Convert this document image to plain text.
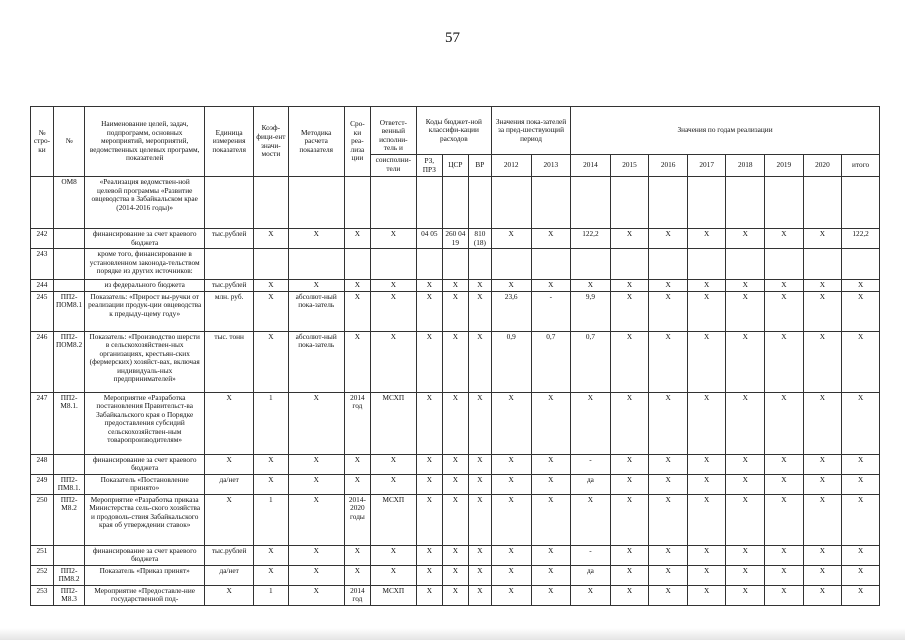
57
№ стро-ки	№	Наименование целей, задач, подпрограмм, основных мероприятий, мероприятий, ведомственных целевых программ, показателей	Единица измерения показателя	Коэф-фици-ент значи-мости	Методика расчета показателя	Сро-ки реа-лиза ции	Ответст-венный исполни-тель и	Коды бюджет-ной классифи-кации расходов			Значения пока-зателей за пред-шествующий период		Значения по годам реализации							
							соисполни-тели	РЗ, ПРЗ	ЦСР	ВР	2012	2013	2014	2015	2016	2017	2018	2019	2020	итого
	ОМ8	«Реализация ведомствен-ной целевой программы «Развитие овцеводства в Забайкальском крае (2014-2016 годы)»																		
242		финансирование за счет краевого бюджета	тыс.рублей	X	X	X	X	04 05	260 04 19	810 (18)	X	X	122,2	X	X	X	X	X	X	122,2
243		кроме того, финансирование в установленном законода-тельством порядке из других источников:																		
244		из федерального бюджета	тыс.рублей	X	X	X	X	X	X	X	X	X	X	X	X	X	X	X	X	X
245	ПП2-ПОМ8.1	Показатель: «Прирост вы-ручки от реализации продук-ции овцеводства к предыду-щему году»	млн. руб.	X	абсолют-ный пока-затель	X	X	X	X	X	23,6	-	9,9	X	X	X	X	X	X	X
246	ПП2-ПОМ8.2	Показатель: «Производство шерсти в сельскохозяйствен-ных организациях, крестьян-ских (фермерских) хозяйст-вах, включая индивидуаль-ных предпринимателей»	тыс. тонн	X	абсолют-ный пока-затель	X	X	X	X	X	0,9	0,7	0,7	X	X	X	X	X	X	X
247	ПП2-М8.1.	Мероприятие «Разработка постановления Правительст-ва Забайкальского края о Порядке предоставления субсидий сельскохозяйствен-ным товаропроизводителям»	X	1	X	2014 год	МСХП	X	X	X	X	X	X	X	X	X	X	X	X	X
248		финансирование за счет краевого бюджета	X	X	X	X	X	X	X	X	X	X	-	X	X	X	X	X	X	X
249	ПП2-ПМ8.1.	Показатель «Постановление принято»	да/нет	X	X	X	X	X	X	X	X	X	да	X	X	X	X	X	X	X
250	ПП2-М8.2	Мероприятие «Разработка приказа Министерства сель-ского хозяйства и продоволь-ствия Забайкальского края об утверждении ставок»	X	1	X	2014-2020 годы	МСХП	X	X	X	X	X	X	X	X	X	X	X	X	X
251		финансирование за счет краевого бюджета	тыс.рублей	X	X	X	X	X	X	X	X	X	-	X	X	X	X	X	X	X
252	ПП2-ПМ8.2	Показатель «Приказ принят»	да/нет	X	X	X	X	X	X	X	X	X	да	X	X	X	X	X	X	X
253	ПП2-М8.3	Мероприятие «Предоставле-ние государственной под-	X	1	X	2014 год	МСХП	X	X	X	X	X	X	X	X	X	X	X	X	X
